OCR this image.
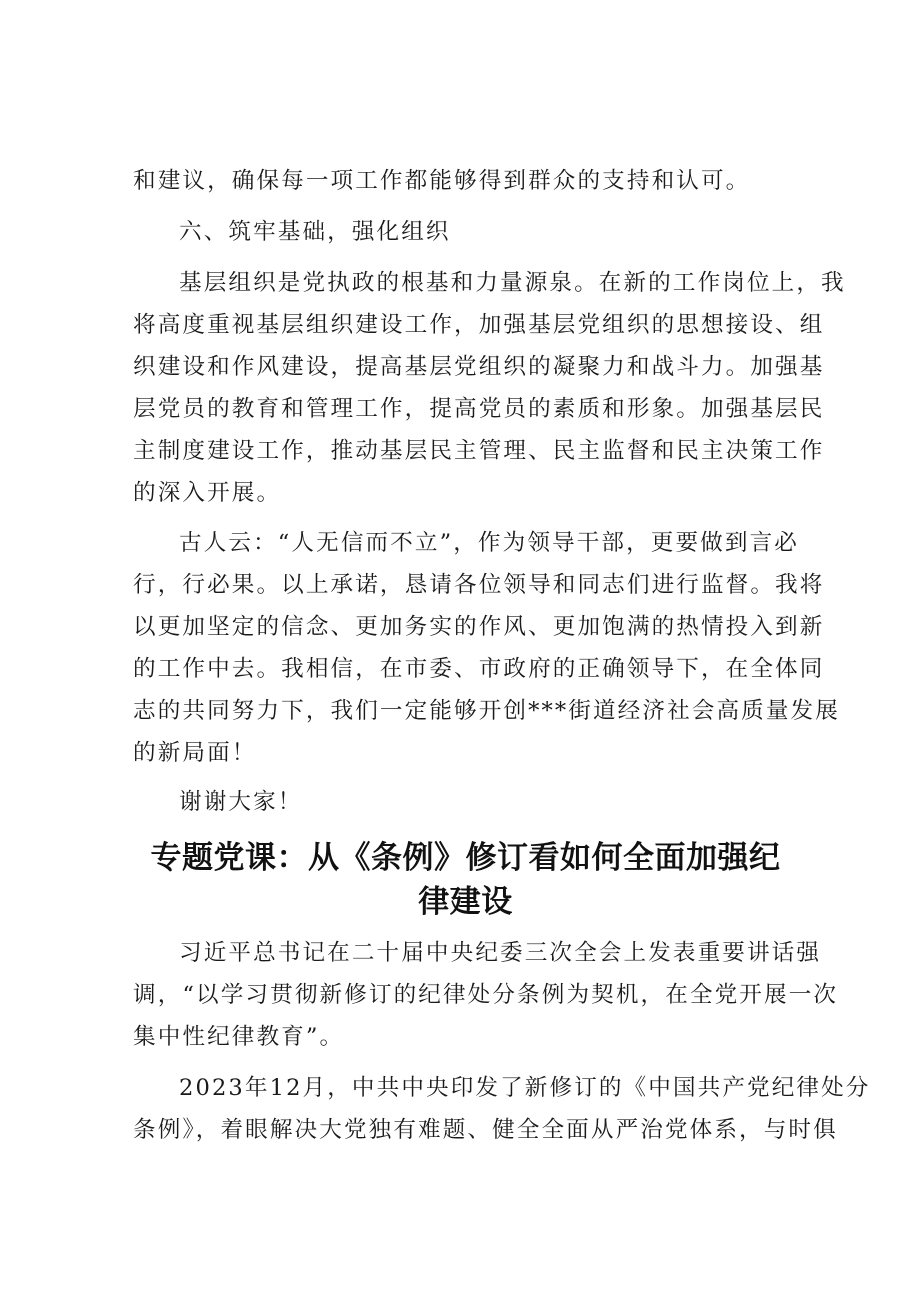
和建议，确保每一项工作都能够得到群众的支持和认可。

六、筑牢基础，强化组织

基层组织是党执政的根基和力量源泉。在新的工作岗位上，我
将高度重视基层组织建设工作，加强基层党组织的思想接设、组
织建设和作风建设，提高基层党组织的凝聚力和战斗力。加强基
层党员的教育和管理工作，提高党员的素质和形象。加强基层民
主制度建设工作，推动基层民主管理、民主监督和民主决策工作
的深入开展。

古人云：“人无信而不立”，作为领导干部，更要做到言必
行，行必果。以上承诺，恳请各位领导和同志们进行监督。我将
以更加坚定的信念、更加务实的作风、更加饱满的热情投入到新
的工作中去。我相信，在市委、市政府的正确领导下，在全体同
志的共同努力下，我们一定能够开创***街道经济社会高质量发展
的新局面！

谢谢大家！

专题党课：从《条例》修订看如何全面加强纪
律建设

习近平总书记在二十届中央纪委三次全会上发表重要讲话强
调，“以学习贯彻新修订的纪律处分条例为契机，在全党开展一次
集中性纪律教育”。

2023年12月，中共中央印发了新修订的《中国共产党纪律处分
条例》，着眼解决大党独有难题、健全全面从严治党体系，与时俱
